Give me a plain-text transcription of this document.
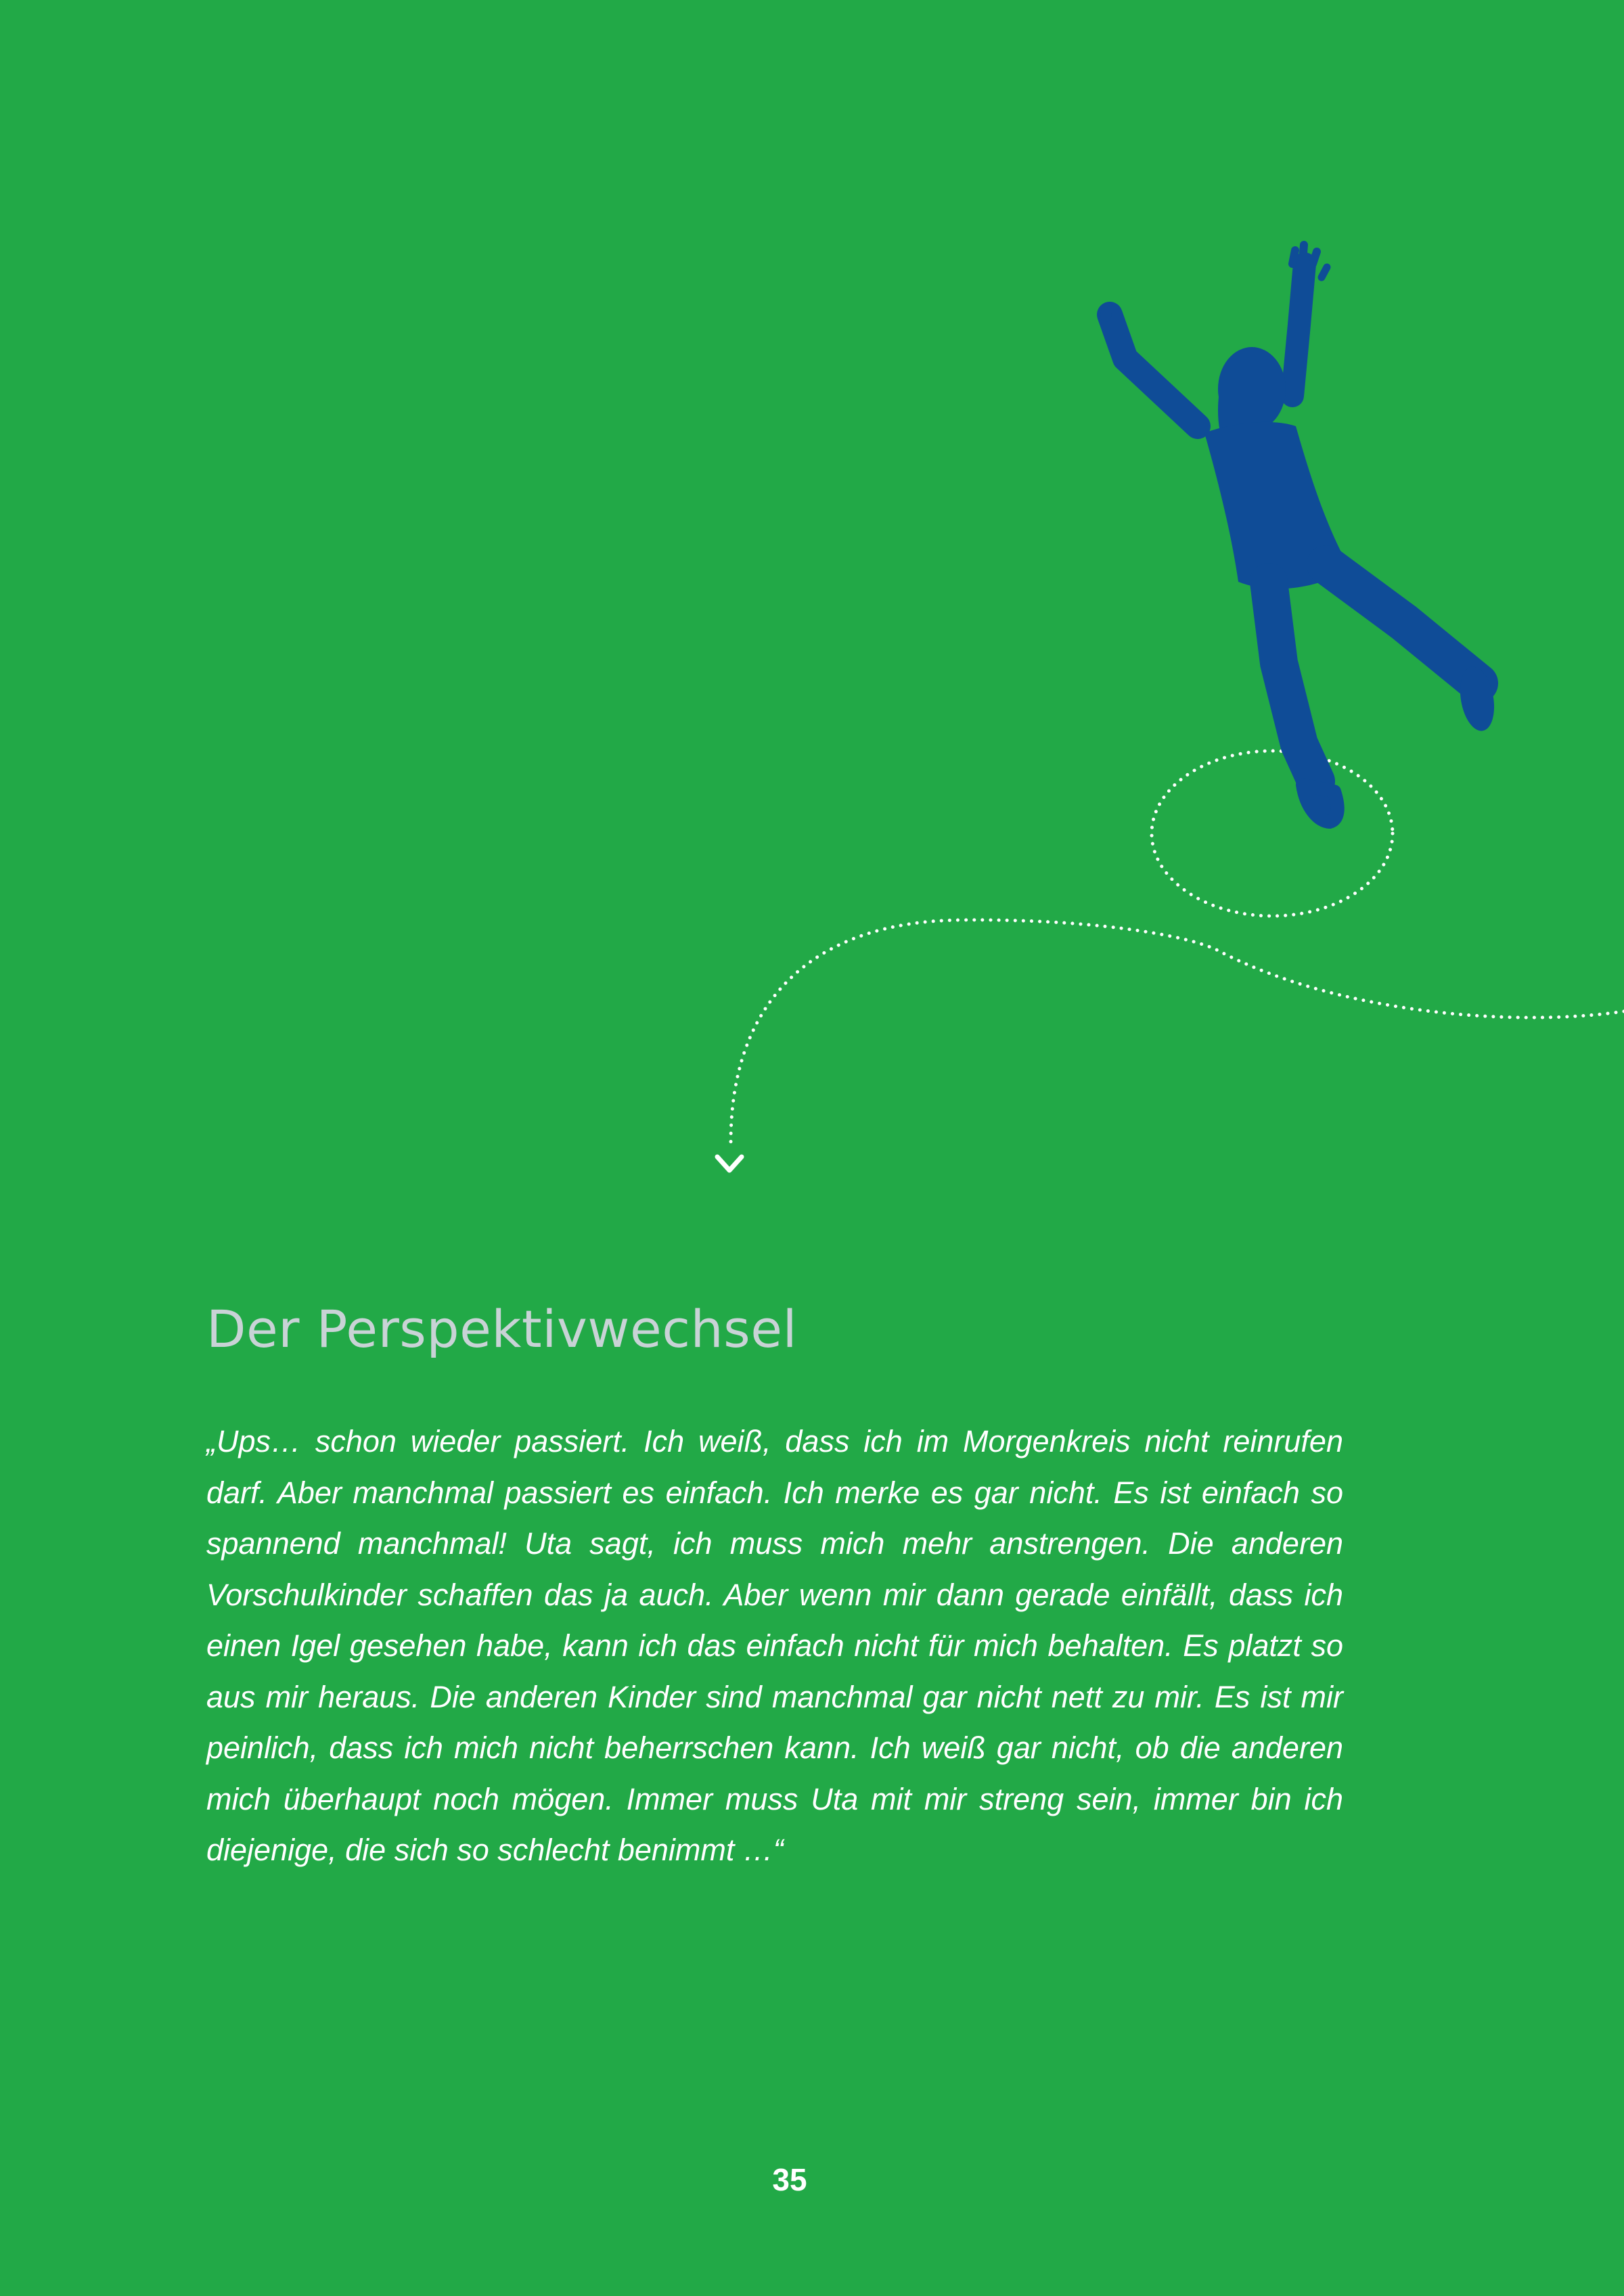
Der Perspektivwechsel

„Ups… schon wieder passiert. Ich weiß, dass ich im Morgenkreis nicht reinrufen darf. Aber manchmal passiert es einfach. Ich merke es gar nicht. Es ist einfach so spannend manchmal! Uta sagt, ich muss mich mehr anstrengen. Die anderen Vorschulkinder schaffen das ja auch. Aber wenn mir dann gerade einfällt, dass ich einen Igel gesehen habe, kann ich das einfach nicht für mich behalten. Es platzt so aus mir heraus. Die anderen Kinder sind manchmal gar nicht nett zu mir. Es ist mir peinlich, dass ich mich nicht beherrschen kann. Ich weiß gar nicht, ob die anderen mich überhaupt noch mögen. Immer muss Uta mit mir streng sein, immer bin ich diejenige, die sich so schlecht benimmt …“

35
